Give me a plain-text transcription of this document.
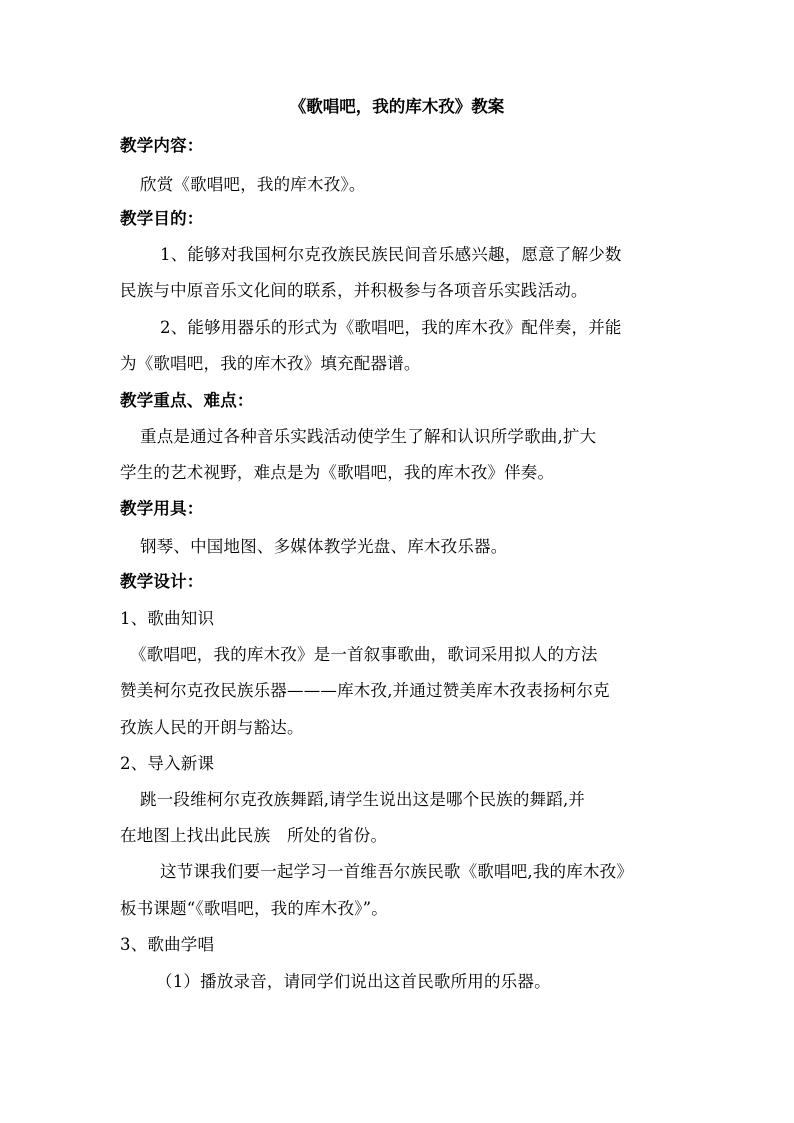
《歌唱吧，我的库木孜》教案
教学内容：
欣赏《歌唱吧，我的库木孜》。
教学目的：
1、能够对我国柯尔克孜族民族民间音乐感兴趣，愿意了解少数
民族与中原音乐文化间的联系，并积极参与各项音乐实践活动。
2、能够用器乐的形式为《歌唱吧，我的库木孜》配伴奏，并能
为《歌唱吧，我的库木孜》填充配器谱。
教学重点、难点：
重点是通过各种音乐实践活动使学生了解和认识所学歌曲,扩大
学生的艺术视野，难点是为《歌唱吧，我的库木孜》伴奏。
教学用具：
钢琴、中国地图、多媒体教学光盘、库木孜乐器。
教学设计：
1、歌曲知识
《歌唱吧，我的库木孜》是一首叙事歌曲，歌词采用拟人的方法
赞美柯尔克孜民族乐器———库木孜,并通过赞美库木孜表扬柯尔克
孜族人民的开朗与豁达。
2、导入新课
跳一段维柯尔克孜族舞蹈,请学生说出这是哪个民族的舞蹈,并
在地图上找出此民族　所处的省份。
这节课我们要一起学习一首维吾尔族民歌《歌唱吧,我的库木孜》
板书课题“《歌唱吧，我的库木孜》”。
3、歌曲学唱
（1）播放录音，请同学们说出这首民歌所用的乐器。
